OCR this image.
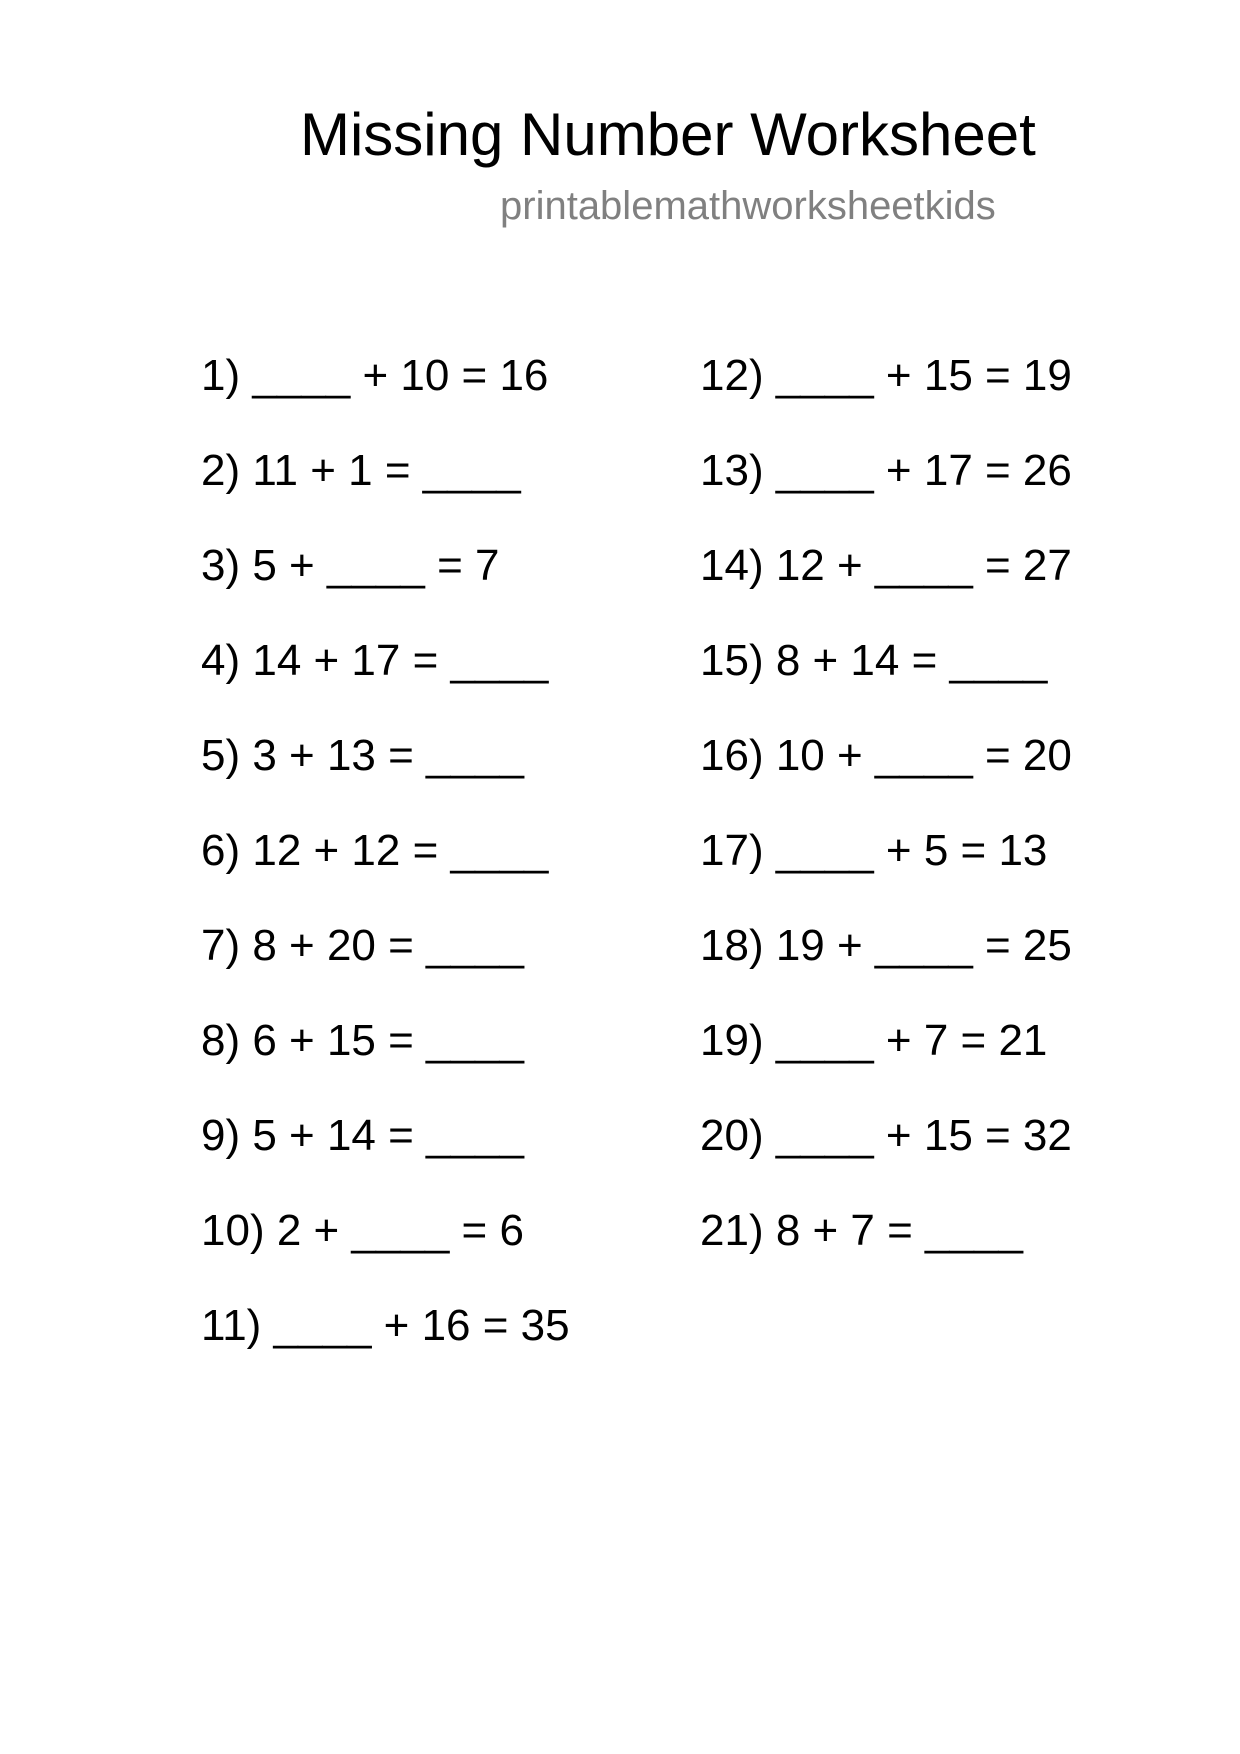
Missing Number Worksheet
printablemathworksheetkids
1) ____ + 10 = 16
2) 11 + 1 = ____
3) 5 + ____ = 7
4) 14 + 17 = ____
5) 3 + 13 = ____
6) 12 + 12 = ____
7) 8 + 20 = ____
8) 6 + 15 = ____
9) 5 + 14 = ____
10) 2 + ____ = 6
11) ____ + 16 = 35
12) ____ + 15 = 19
13) ____ + 17 = 26
14) 12 + ____ = 27
15) 8 + 14 = ____
16) 10 + ____ = 20
17) ____ + 5 = 13
18) 19 + ____ = 25
19) ____ + 7 = 21
20) ____ + 15 = 32
21) 8 + 7 = ____
